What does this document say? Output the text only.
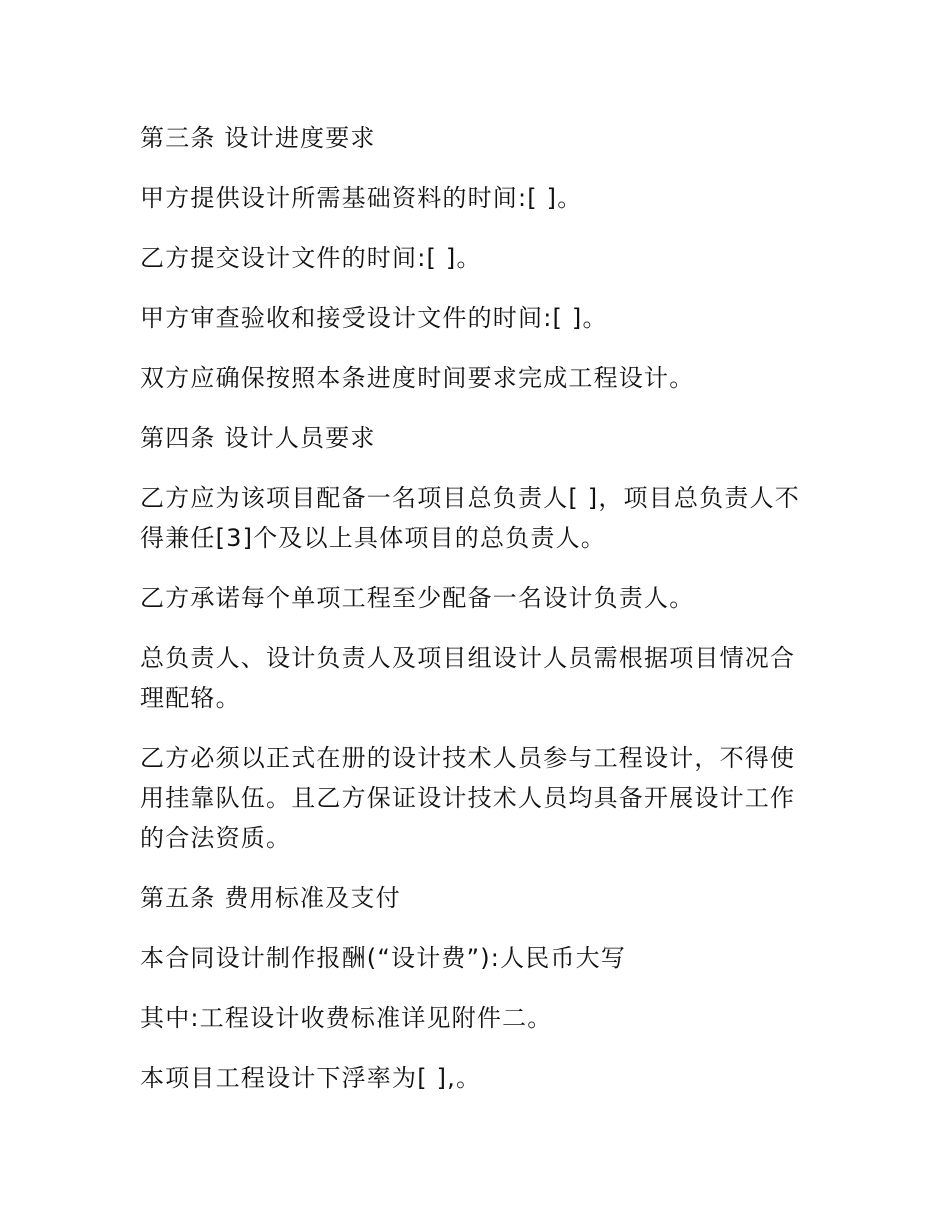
第三条 设计进度要求

甲方提供设计所需基础资料的时间:[ ]。

乙方提交设计文件的时间:[ ]。

甲方审查验收和接受设计文件的时间:[ ]。

双方应确保按照本条进度时间要求完成工程设计。

第四条 设计人员要求

乙方应为该项目配备一名项目总负责人[ ]，项目总负责人不得兼任[3]个及以上具体项目的总负责人。

乙方承诺每个单项工程至少配备一名设计负责人。

总负责人、设计负责人及项目组设计人员需根据项目情况合理配辂。

乙方必须以正式在册的设计技术人员参与工程设计，不得使用挂靠队伍。且乙方保证设计技术人员均具备开展设计工作的合法资质。

第五条 费用标准及支付

本合同设计制作报酬(“设计费”):人民币大写

其中:工程设计收费标准详见附件二。

本项目工程设计下浮率为[ ],。
